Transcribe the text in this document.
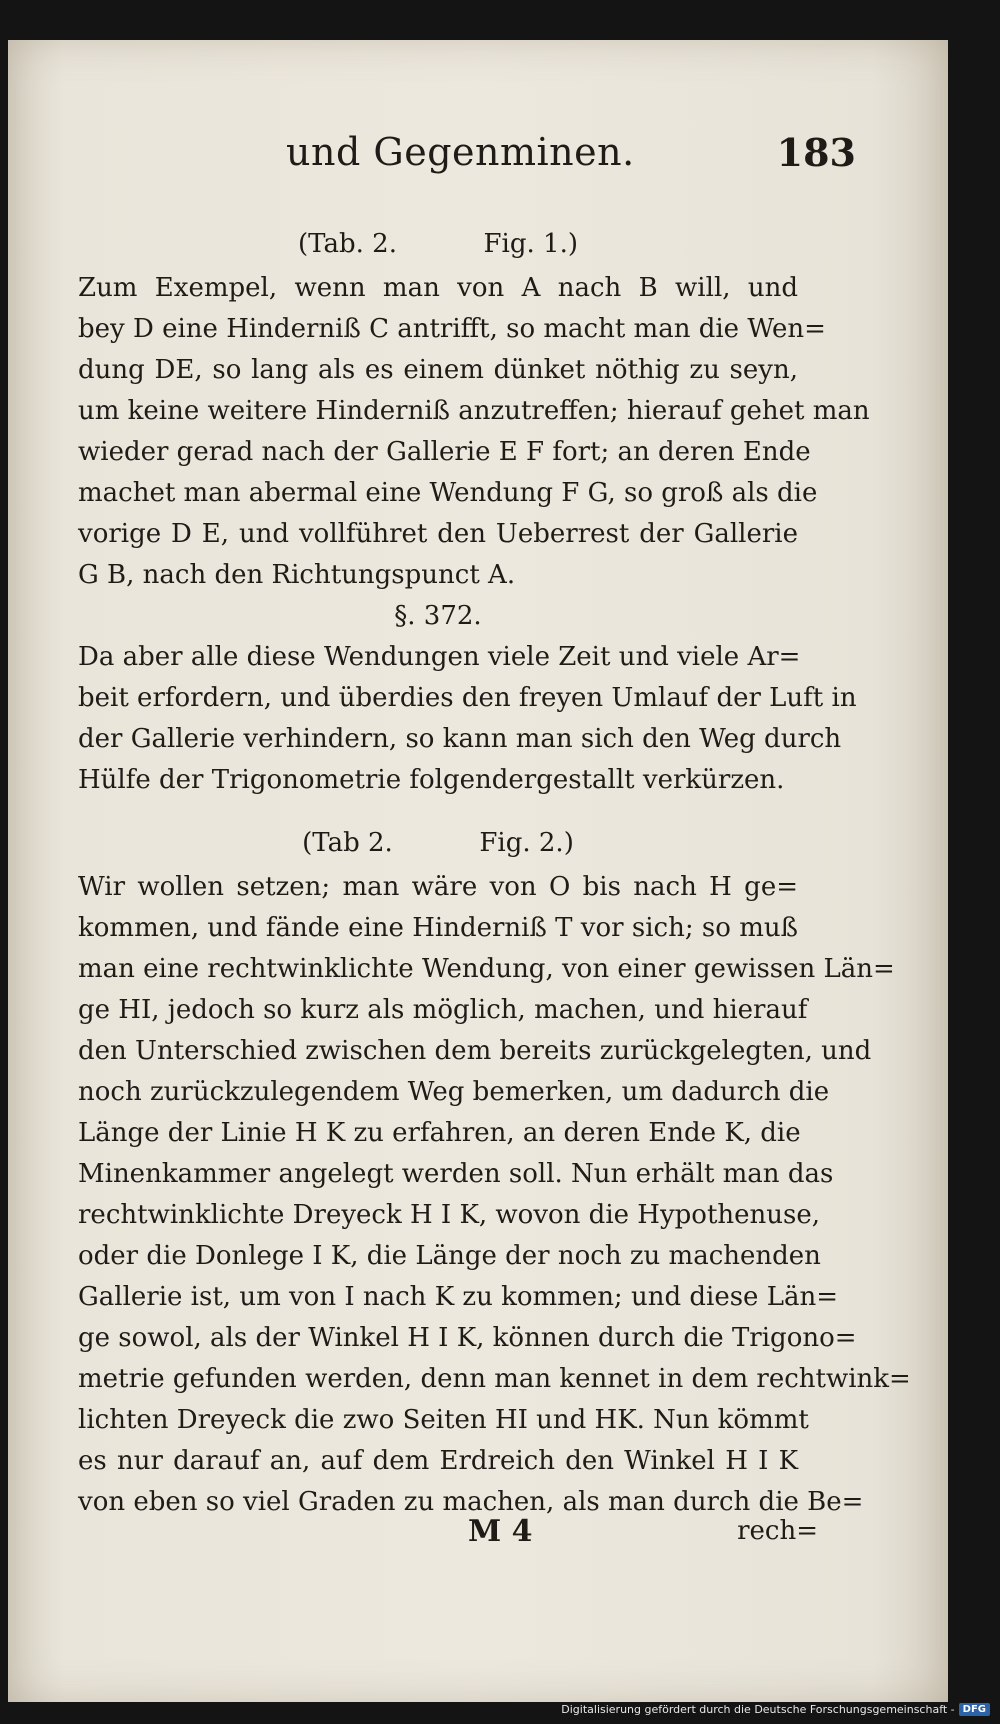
und Gegenminen.	183
(Tab. 2.	Fig. 1.)
Zum Exempel, wenn man von A nach B will, und
bey D eine Hinderniß C antrifft, so macht man die Wen=
dung DE, so lang als es einem dünket nöthig zu seyn,
um keine weitere Hinderniß anzutreffen; hierauf gehet man
wieder gerad nach der Gallerie E F fort; an deren Ende
machet man abermal eine Wendung F G, so groß als die
vorige D E, und vollführet den Ueberrest der Gallerie
G B, nach den Richtungspunct A.
§. 372.
Da aber alle diese Wendungen viele Zeit und viele Ar=
beit erfordern, und überdies den freyen Umlauf der Luft in
der Gallerie verhindern, so kann man sich den Weg durch
Hülfe der Trigonometrie folgendergestallt verkürzen.
(Tab 2.	Fig. 2.)
Wir wollen setzen; man wäre von O bis nach H ge=
kommen, und fände eine Hinderniß T vor sich; so muß
man eine rechtwinklichte Wendung, von einer gewissen Län=
ge HI, jedoch so kurz als möglich, machen, und hierauf
den Unterschied zwischen dem bereits zurückgelegten, und
noch zurückzulegendem Weg bemerken, um dadurch die
Länge der Linie H K zu erfahren, an deren Ende K, die
Minenkammer angelegt werden soll. Nun erhält man das
rechtwinklichte Dreyeck H I K, wovon die Hypothenuse,
oder die Donlege I K, die Länge der noch zu machenden
Gallerie ist, um von I nach K zu kommen; und diese Län=
ge sowol, als der Winkel H I K, können durch die Trigono=
metrie gefunden werden, denn man kennet in dem rechtwink=
lichten Dreyeck die zwo Seiten HI und HK. Nun kömmt
es nur darauf an, auf dem Erdreich den Winkel H I K
von eben so viel Graden zu machen, als man durch die Be=
M 4	rech=
Digitalisierung gefördert durch die Deutsche Forschungsgemeinschaft - DFG
